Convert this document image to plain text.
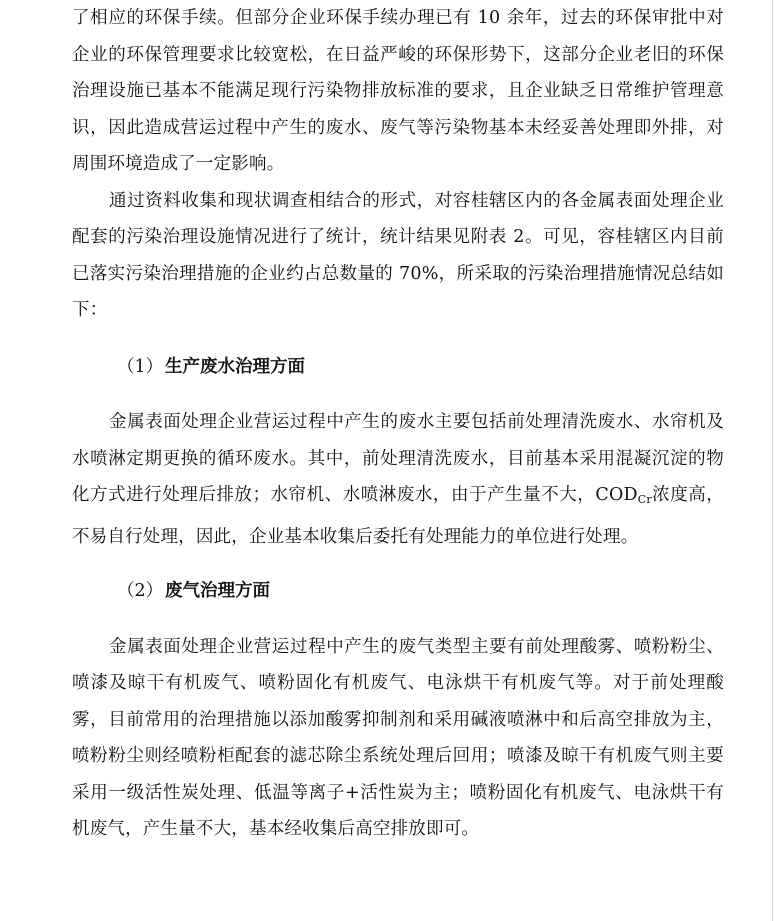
了相应的环保手续。但部分企业环保手续办理已有 10 余年，过去的环保审批中对企业的环保管理要求比较宽松，在日益严峻的环保形势下，这部分企业老旧的环保治理设施已基本不能满足现行污染物排放标准的要求，且企业缺乏日常维护管理意识，因此造成营运过程中产生的废水、废气等污染物基本未经妥善处理即外排，对周围环境造成了一定影响。

通过资料收集和现状调查相结合的形式，对容桂辖区内的各金属表面处理企业配套的污染治理设施情况进行了统计，统计结果见附表 2。可见，容桂辖区内目前已落实污染治理措施的企业约占总数量的 70%，所采取的污染治理措施情况总结如下：

（1） 生产废水治理方面

金属表面处理企业营运过程中产生的废水主要包括前处理清洗废水、水帘机及水喷淋定期更换的循环废水。其中，前处理清洗废水，目前基本采用混凝沉淀的物化方式进行处理后排放；水帘机、水喷淋废水，由于产生量不大，$COD_{Cr}$浓度高，不易自行处理，因此，企业基本收集后委托有处理能力的单位进行处理。

（2） 废气治理方面

金属表面处理企业营运过程中产生的废气类型主要有前处理酸雾、喷粉粉尘、喷漆及晾干有机废气、喷粉固化有机废气、电泳烘干有机废气等。对于前处理酸雾，目前常用的治理措施以添加酸雾抑制剂和采用碱液喷淋中和后高空排放为主，喷粉粉尘则经喷粉柜配套的滤芯除尘系统处理后回用；喷漆及晾干有机废气则主要采用一级活性炭处理、低温等离子+活性炭为主；喷粉固化有机废气、电泳烘干有机废气，产生量不大，基本经收集后高空排放即可。
